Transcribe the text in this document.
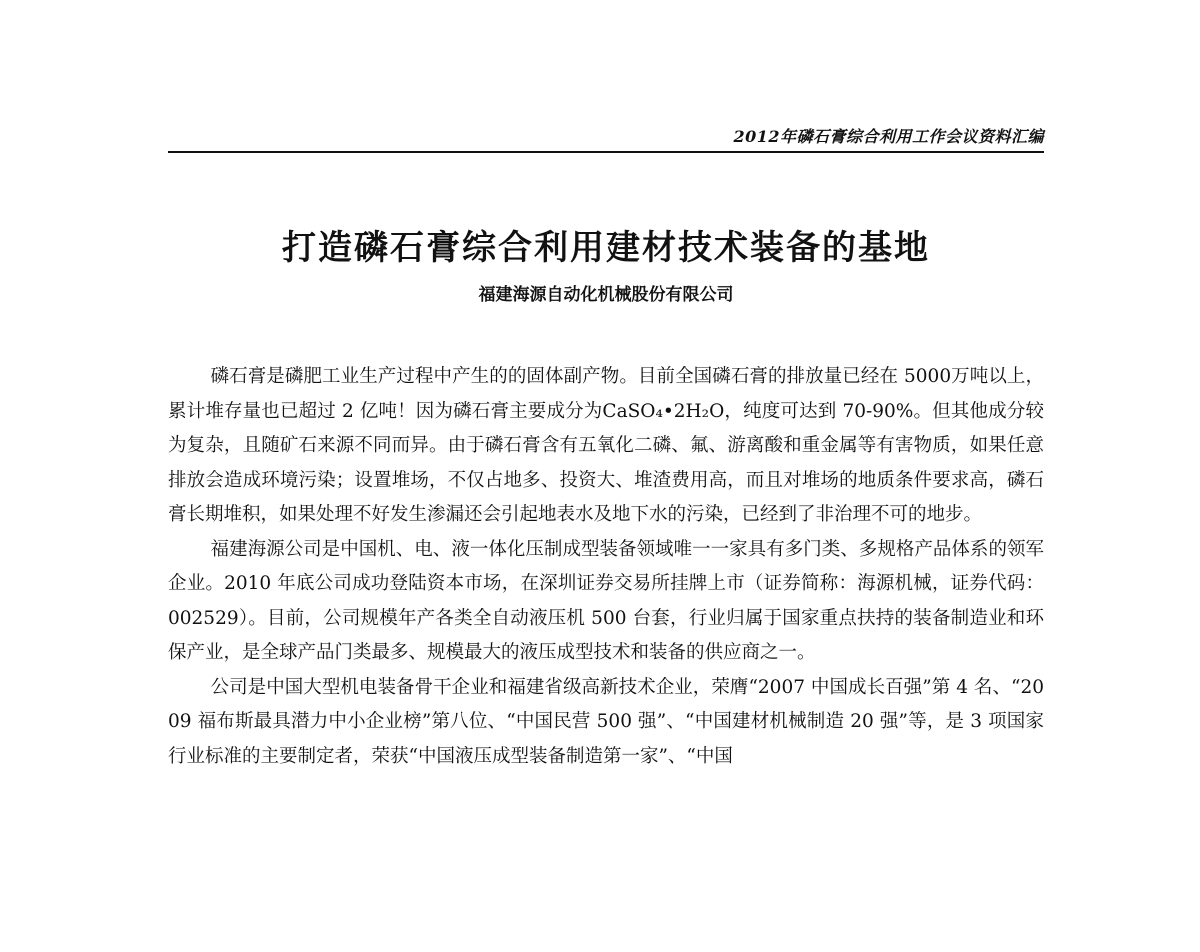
2012年磷石膏综合利用工作会议资料汇编
打造磷石膏综合利用建材技术装备的基地
福建海源自动化机械股份有限公司

磷石膏是磷肥工业生产过程中产生的的固体副产物。目前全国磷石膏的排放量已经在 5000万吨以上，累计堆存量也已超过 2 亿吨！因为磷石膏主要成分为CaSO₄•2H₂O，纯度可达到 70-90%。但其他成分较为复杂，且随矿石来源不同而异。由于磷石膏含有五氧化二磷、氟、游离酸和重金属等有害物质，如果任意排放会造成环境污染；设置堆场，不仅占地多、投资大、堆渣费用高，而且对堆场的地质条件要求高，磷石膏长期堆积，如果处理不好发生渗漏还会引起地表水及地下水的污染，已经到了非治理不可的地步。

福建海源公司是中国机、电、液一体化压制成型装备领域唯一一家具有多门类、多规格产品体系的领军企业。2010 年底公司成功登陆资本市场，在深圳证券交易所挂牌上市（证券简称：海源机械，证券代码：002529）。目前，公司规模年产各类全自动液压机 500 台套，行业归属于国家重点扶持的装备制造业和环保产业，是全球产品门类最多、规模最大的液压成型技术和装备的供应商之一。

公司是中国大型机电装备骨干企业和福建省级高新技术企业，荣膺“2007 中国成长百强”第 4 名、“2009 福布斯最具潜力中小企业榜”第八位、“中国民营 500 强”、“中国建材机械制造 20 强”等，是 3 项国家行业标准的主要制定者，荣获“中国液压成型装备制造第一家”、“中国
